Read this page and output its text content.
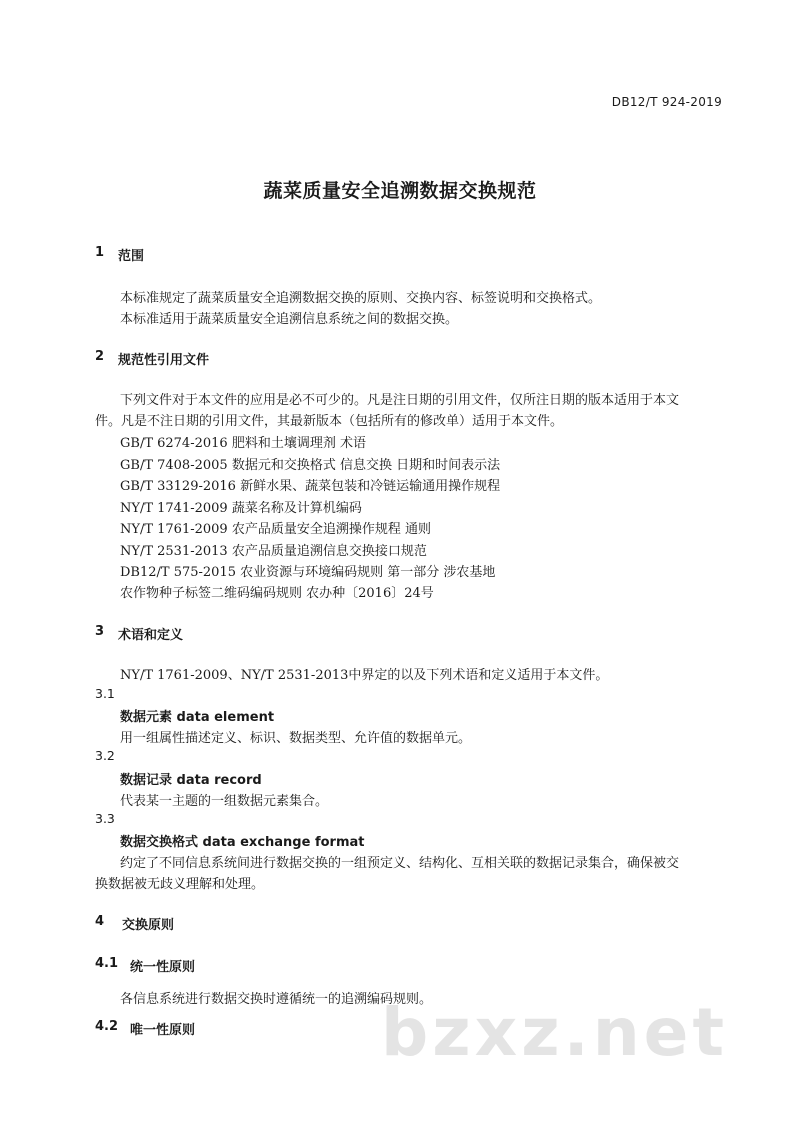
DB12/T 924-2019
蔬菜质量安全追溯数据交换规范
1 范围
本标准规定了蔬菜质量安全追溯数据交换的原则、交换内容、标签说明和交换格式。
本标准适用于蔬菜质量安全追溯信息系统之间的数据交换。
2 规范性引用文件
下列文件对于本文件的应用是必不可少的。凡是注日期的引用文件，仅所注日期的版本适用于本文
件。凡是不注日期的引用文件，其最新版本（包括所有的修改单）适用于本文件。
GB/T 6274-2016 肥料和土壤调理剂 术语
GB/T 7408-2005 数据元和交换格式 信息交换 日期和时间表示法
GB/T 33129-2016 新鲜水果、蔬菜包装和冷链运输通用操作规程
NY/T 1741-2009 蔬菜名称及计算机编码
NY/T 1761-2009 农产品质量安全追溯操作规程 通则
NY/T 2531-2013 农产品质量追溯信息交换接口规范
DB12/T 575-2015 农业资源与环境编码规则 第一部分 涉农基地
农作物种子标签二维码编码规则 农办种〔2016〕24号
3 术语和定义
NY/T 1761-2009、NY/T 2531-2013中界定的以及下列术语和定义适用于本文件。
3.1
数据元素 data element
用一组属性描述定义、标识、数据类型、允许值的数据单元。
3.2
数据记录 data record
代表某一主题的一组数据元素集合。
3.3
数据交换格式 data exchange format
约定了不同信息系统间进行数据交换的一组预定义、结构化、互相关联的数据记录集合，确保被交
换数据被无歧义理解和处理。
4 交换原则
4.1 统一性原则
各信息系统进行数据交换时遵循统一的追溯编码规则。
4.2 唯一性原则	bzxz.net
